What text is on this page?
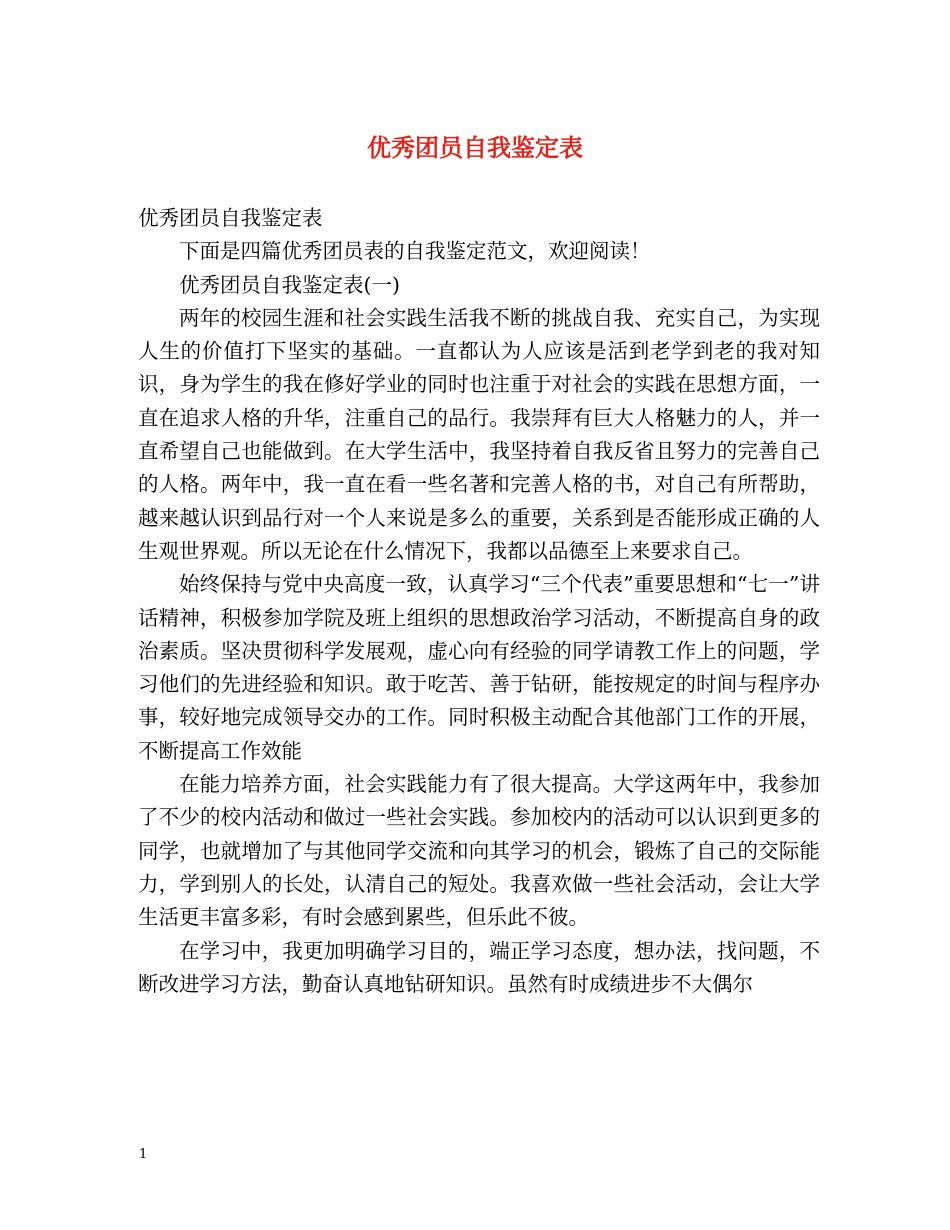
优秀团员自我鉴定表

优秀团员自我鉴定表

下面是四篇优秀团员表的自我鉴定范文，欢迎阅读！

优秀团员自我鉴定表(一)

两年的校园生涯和社会实践生活我不断的挑战自我、充实自己，为实现人生的价值打下坚实的基础。一直都认为人应该是活到老学到老的我对知识，身为学生的我在修好学业的同时也注重于对社会的实践在思想方面，一直在追求人格的升华，注重自己的品行。我崇拜有巨大人格魅力的人，并一直希望自己也能做到。在大学生活中，我坚持着自我反省且努力的完善自己的人格。两年中，我一直在看一些名著和完善人格的书，对自己有所帮助，越来越认识到品行对一个人来说是多么的重要，关系到是否能形成正确的人生观世界观。所以无论在什么情况下，我都以品德至上来要求自己。

始终保持与党中央高度一致，认真学习“三个代表”重要思想和“七一”讲话精神，积极参加学院及班上组织的思想政治学习活动，不断提高自身的政治素质。坚决贯彻科学发展观，虚心向有经验的同学请教工作上的问题，学习他们的先进经验和知识。敢于吃苦、善于钻研，能按规定的时间与程序办事，较好地完成领导交办的工作。同时积极主动配合其他部门工作的开展，不断提高工作效能

在能力培养方面，社会实践能力有了很大提高。大学这两年中，我参加了不少的校内活动和做过一些社会实践。参加校内的活动可以认识到更多的同学，也就增加了与其他同学交流和向其学习的机会，锻炼了自己的交际能力，学到别人的长处，认清自己的短处。我喜欢做一些社会活动，会让大学生活更丰富多彩，有时会感到累些，但乐此不彼。

在学习中，我更加明确学习目的，端正学习态度，想办法，找问题，不断改进学习方法，勤奋认真地钻研知识。虽然有时成绩进步不大偶尔

1
